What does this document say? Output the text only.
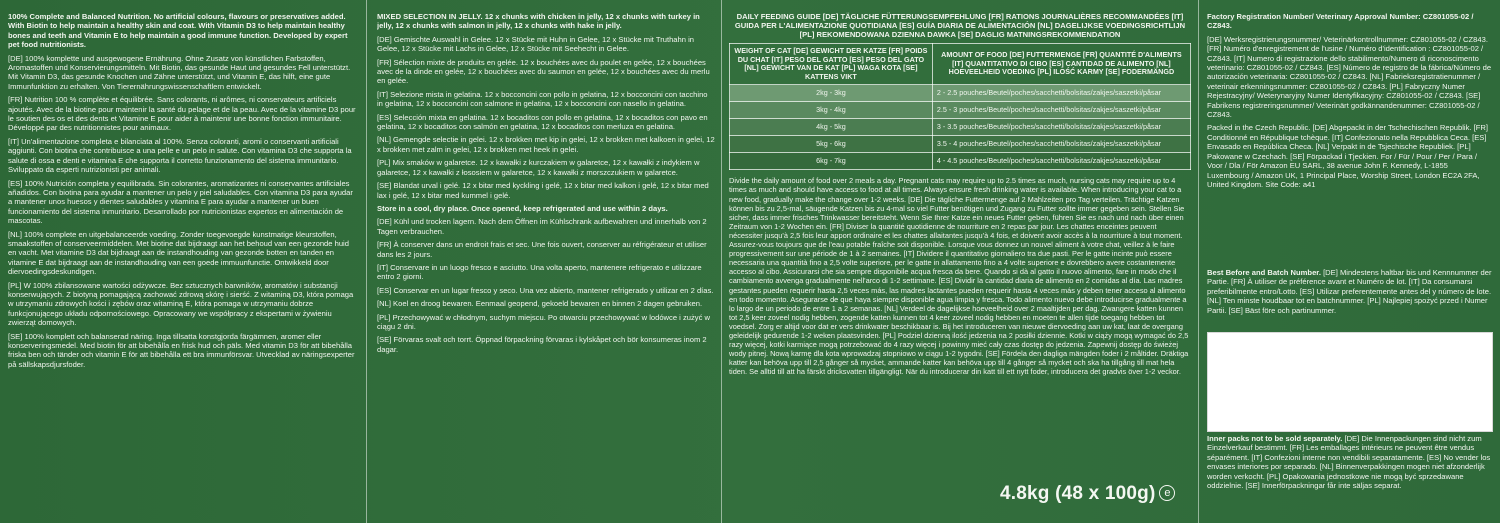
100% Complete and Balanced Nutrition. No artificial colours, flavours or preservatives added. With Biotin to help maintain a healthy skin and coat. With Vitamin D3 to help maintain healthy bones and teeth and Vitamin E to help maintain a good immune function. Developed by expert pet food nutritionists.

[DE] 100% komplette und ausgewogene Ernährung. Ohne Zusatz von künstlichen Farbstoffen, Aromastoffen und Konservierungsmitteln. Mit Biotin, das gesunde Haut und gesundes Fell unterstützt. Mit Vitamin D3, das gesunde Knochen und Zähne unterstützt, und Vitamin E, das hilft, eine gute Immunfunktion zu erhalten. Von Tierernährungswissenschaftlern entwickelt.

[FR] Nutrition 100 % complète et équilibrée. Sans colorants, ni arômes, ni conservateurs artificiels ajoutés. Avec de la biotine pour maintenir la santé du pelage et de la peau. Avec de la vitamine D3 pour le soutien des os et des dents et Vitamine E pour aider à maintenir une bonne fonction immunitaire. Développé par des nutritionnistes pour animaux.

[IT] Un'alimentazione completa e bilanciata al 100%. Senza coloranti, aromi o conservanti artificiali aggiunti. Con biotina che contribuisce a una pelle e un pelo in salute. Con vitamina D3 che supporta la salute di ossa e denti e vitamina E che supporta il corretto funzionamento del sistema immunitario. Sviluppato da esperti nutrizionisti per animali.

[ES] 100% Nutrición completa y equilibrada. Sin colorantes, aromatizantes ni conservantes artificiales añadidos. Con biotina para ayudar a mantener un pelo y piel saludables. Con vitamina D3 para ayudar a mantener unos huesos y dientes saludables y vitamina E para ayudar a mantener un buen funcionamiento del sistema inmunitario. Desarrollado por nutricionistas expertos en alimentación de mascotas.

[NL] 100% complete en uitgebalanceerde voeding. Zonder toegevoegde kunstmatige kleurstoffen, smaakstoffen of conserveermiddelen. Met biotine dat bijdraagt aan het behoud van een gezonde huid en vacht. Met vitamine D3 dat bijdraagt aan de instandhouding van gezonde botten en tanden en vitamine E dat bijdraagt aan de instandhouding van een goede immuunfunctie. Ontwikkeld door diervoedingsdeskundigen.

[PL] W 100% zbilansowane wartości odżywcze. Bez sztucznych barwników, aromatów i substancji konserwujących. Z biotyną pomagającą zachować zdrową skórę i sierść. Z witaminą D3, która pomaga w utrzymaniu zdrowych kości i zębów oraz witaminą E, która pomaga w utrzymaniu dobrze funkcjonującego układu odpornościowego. Opracowany we współpracy z ekspertami w żywieniu zwierząt domowych.

[SE] 100% komplett och balanserad näring. Inga tillsatta konstgjorda färgämnen, aromer eller konserveringsmedel. Med biotin för att bibehålla en frisk hud och päls. Med vitamin D3 för att bibehålla friska ben och tänder och vitamin E för att bibehålla ett bra immunförsvar. Utvecklad av näringsexperter på sällskapsdjursfoder.

MIXED SELECTION IN JELLY. 12 x chunks with chicken in jelly, 12 x chunks with turkey in jelly, 12 x chunks with salmon in jelly, 12 x chunks with hake in jelly.

[DE] Gemischte Auswahl in Gelee. 12 x Stücke mit Huhn in Gelee, 12 x Stücke mit Truthahn in Gelee, 12 x Stücke mit Lachs in Gelee, 12 x Stücke mit Seehecht in Gelee.

[FR] Sélection mixte de produits en gelée. 12 x bouchées avec du poulet en gelée, 12 x bouchées avec de la dinde en gelée, 12 x bouchées avec du saumon en gelée, 12 x bouchées avec du merlu en gelée.

[IT] Selezione mista in gelatina. 12 x bocconcini con pollo in gelatina, 12 x bocconcini con tacchino in gelatina, 12 x bocconcini con salmone in gelatina, 12 x bocconcini con nasello in gelatina.

[ES] Selección mixta en gelatina. 12 x bocaditos con pollo en gelatina, 12 x bocaditos con pavo en gelatina, 12 x bocaditos con salmón en gelatina, 12 x bocaditos con merluza en gelatina.

[NL] Gemengde selectie in gelei. 12 x brokken met kip in gelei, 12 x brokken met kalkoen in gelei, 12 x brokken met zalm in gelei, 12 x brokken met heek in gelei.

[PL] Mix smaków w galaretce. 12 x kawałki z kurczakiem w galaretce, 12 x kawałki z indykiem w galaretce, 12 x kawałki z łososiem w galaretce, 12 x kawałki z morszczukiem w galaretce.

[SE] Blandat urval i gelé. 12 x bitar med kyckling i gelé, 12 x bitar med kalkon i gelé, 12 x bitar med lax i gelé, 12 x bitar med kummel i gelé.

Store in a cool, dry place. Once opened, keep refrigerated and use within 2 days.

[DE] Kühl und trocken lagern. Nach dem Öffnen im Kühlschrank aufbewahren und innerhalb von 2 Tagen verbrauchen.

[FR] À conserver dans un endroit frais et sec. Une fois ouvert, conserver au réfrigérateur et utiliser dans les 2 jours.

[IT] Conservare in un luogo fresco e asciutto. Una volta aperto, mantenere refrigerato e utilizzare entro 2 giorni.

[ES] Conservar en un lugar fresco y seco. Una vez abierto, mantener refrigerado y utilizar en 2 días.

[NL] Koel en droog bewaren. Eenmaal geopend, gekoeld bewaren en binnen 2 dagen gebruiken.

[PL] Przechowywać w chłodnym, suchym miejscu. Po otwarciu przechowywać w lodówce i zużyć w ciągu 2 dni.

[SE] Förvaras svalt och torrt. Öppnad förpackning förvaras i kylskåpet och bör konsumeras inom 2 dagar.

DAILY FEEDING GUIDE [DE] TÄGLICHE FÜTTERUNGSEMPFEHLUNG [FR] RATIONS JOURNALIÈRES RECOMMANDÉES [IT] GUIDA PER L'ALIMENTAZIONE QUOTIDIANA [ES] GUÍA DIARIA DE ALIMENTACIÓN [NL] DAGELIJKSE VOEDINGSRICHTLIJN [PL] REKOMENDOWANA DZIENNA DAWKA [SE] DAGLIG MATNINGSREKOMMENDATION
WEIGHT OF CAT [DE] GEWICHT DER KATZE [FR] POIDS DU CHAT [IT] PESO DEL GATTO [ES] PESO DEL GATO [NL] GEWICHT VAN DE KAT [PL] WAGA KOTA [SE] KATTENS VIKT	AMOUNT OF FOOD [DE] FUTTERMENGE [FR] QUANTITÉ D'ALIMENTS [IT] QUANTITATIVO DI CIBO [ES] CANTIDAD DE ALIMENTO [NL] HOEVEELHEID VOEDING [PL] ILOŚĆ KARMY [SE] FODERMÄNGD
2kg - 3kg	2 - 2.5 pouches/Beutel/poches/sacchetti/bolsitas/zakjes/saszetki/påsar
3kg - 4kg	2.5 - 3 pouches/Beutel/poches/sacchetti/bolsitas/zakjes/saszetki/påsar
4kg - 5kg	3 - 3.5 pouches/Beutel/poches/sacchetti/bolsitas/zakjes/saszetki/påsar
5kg - 6kg	3.5 - 4 pouches/Beutel/poches/sacchetti/bolsitas/zakjes/saszetki/påsar
6kg - 7kg	4 - 4.5 pouches/Beutel/poches/sacchetti/bolsitas/zakjes/saszetki/påsar

Divide the daily amount of food over 2 meals a day. Pregnant cats may require up to 2.5 times as much, nursing cats may require up to 4 times as much and should have access to food at all times. Always ensure fresh drinking water is available. When introducing your cat to a new food, gradually make the change over 1-2 weeks. [DE] Die tägliche Futtermenge auf 2 Mahlzeiten pro Tag verteilen. Trächtige Katzen können bis zu 2,5-mal, säugende Katzen bis zu 4-mal so viel Futter benötigen und Zugang zu Futter sollte immer gegeben sein. Stellen Sie sicher, dass immer frisches Trinkwasser bereitsteht. Wenn Sie Ihrer Katze ein neues Futter geben, führen Sie es nach und nach über einen Zeitraum von 1-2 Wochen ein. [FR] Diviser la quantité quotidienne de nourriture en 2 repas par jour. Les chattes enceintes peuvent nécessiter jusqu'à 2,5 fois leur apport ordinaire et les chattes allaitantes jusqu'à 4 fois, et doivent avoir accès à la nourriture à tout moment. Assurez-vous toujours que de l'eau potable fraîche soit disponible. Lorsque vous donnez un nouvel aliment à votre chat, veillez à le faire progressivement sur une période de 1 à 2 semaines. [IT] Dividere il quantitativo giornaliero tra due pasti. Per le gatte incinte può essere necessaria una quantità fino a 2,5 volte superiore, per le gatte in allattamento fino a 4 volte superiore e dovrebbero avere costantemente accesso al cibo. Assicurarsi che sia sempre disponibile acqua fresca da bere. Quando si dà al gatto il nuovo alimento, fare in modo che il cambiamento avvenga gradualmente nell'arco di 1-2 settimane. [ES] Dividir la cantidad diaria de alimento en 2 comidas al día. Las madres gestantes pueden requerir hasta 2,5 veces más, las madres lactantes pueden requerir hasta 4 veces más y deben tener acceso al alimento en todo momento. Asegurarse de que haya siempre disponible agua limpia y fresca. Todo alimento nuevo debe introducirse gradualmente a lo largo de un periodo de entre 1 a 2 semanas. [NL] Verdeel de dagelijkse hoeveelheid over 2 maaltijden per dag. Zwangere katten kunnen tot 2,5 keer zoveel nodig hebben, zogende katten kunnen tot 4 keer zoveel nodig hebben en moeten te allen tijde toegang hebben tot voedsel. Zorg er altijd voor dat er vers drinkwater beschikbaar is. Bij het introduceren van nieuwe diervoeding aan uw kat, laat de overgang geleidelijk gedurende 1-2 weken plaatsvinden. [PL] Podziel dzienną ilość jedzenia na 2 posiłki dziennie. Kotki w ciąży mogą wymagać do 2,5 razy więcej, kotki karmiące mogą potrzebować do 4 razy więcej i powinny mieć cały czas dostęp do jedzenia. Zapewnij dostęp do świeżej wody pitnej. Nową karmę dla kota wprowadzaj stopniowo w ciągu 1-2 tygodni. [SE] Fördela den dagliga mängden foder i 2 måltider. Dräktiga katter kan behöva upp till 2,5 gånger så mycket, ammande katter kan behöva upp till 4 gånger så mycket och ska ha tillgång till mat hela tiden. Se alltid till att ha färskt dricksvatten tillgängligt. När du introducerar din katt till ett nytt foder, introducera det gradvis över 1-2 veckor.

4.8kg (48 x 100g) e

Factory Registration Number/ Veterinary Approval Number: CZ801055-02 / CZ843.

[DE] Werksregistrierungsnummer/ Veterinärkontrollnummer: CZ801055-02 / CZ843. [FR] Numéro d'enregistrement de l'usine / Numéro d'identification : CZ801055-02 / CZ843. [IT] Numero di registrazione dello stabilimento/Numero di riconoscimento veterinario: CZ801055-02 / CZ843. [ES] Número de registro de la fábrica/Número de autorización veterinaria: CZ801055-02 / CZ843. [NL] Fabrieksregistratienummer / veterinair erkenningsnummer: CZ801055-02 / CZ843. [PL] Fabryczny Numer Rejestracyjny/ Weterynaryjny Numer Identyfikacyjny: CZ801055-02 / CZ843. [SE] Fabrikens registreringsnummer/ Veterinärt godkännandenummer: CZ801055-02 / CZ843.

Packed in the Czech Republic. [DE] Abgepackt in der Tschechischen Republik. [FR] Conditionné en République tchèque. [IT] Confezionato nella Repubblica Ceca. [ES] Envasado en República Checa. [NL] Verpakt in de Tsjechische Republiek. [PL] Pakowane w Czechach. [SE] Förpackad i Tjeckien. For / Für / Pour / Per / Para / Voor / Dla / För Amazon EU SARL, 38 avenue John F. Kennedy, L-1855 Luxembourg / Amazon UK, 1 Principal Place, Worship Street, London EC2A 2FA, United Kingdom. Site Code: a41

Best Before and Batch Number. [DE] Mindestens haltbar bis und Kennnummer der Partie. [FR] À utiliser de préférence avant et Numéro de lot. [IT] Da consumarsi preferibilmente entro/Lotto. [ES] Utilizar preferentemente antes del y número de lote. [NL] Ten minste houdbaar tot en batchnummer. [PL] Najlepiej spożyć przed i Numer Partii. [SE] Bäst före och partinummer.
Inner packs not to be sold separately. [DE] Die Innenpackungen sind nicht zum Einzelverkauf bestimmt. [FR] Les emballages intérieurs ne peuvent être vendus séparément. [IT] Confezioni interne non vendibili separatamente. [ES] No vender los envases interiores por separado. [NL] Binnenverpakkingen mogen niet afzonderlijk worden verkocht. [PL] Opakowania jednostkowe nie mogą być sprzedawane oddzielnie. [SE] Innerförpackningar får inte säljas separat.
